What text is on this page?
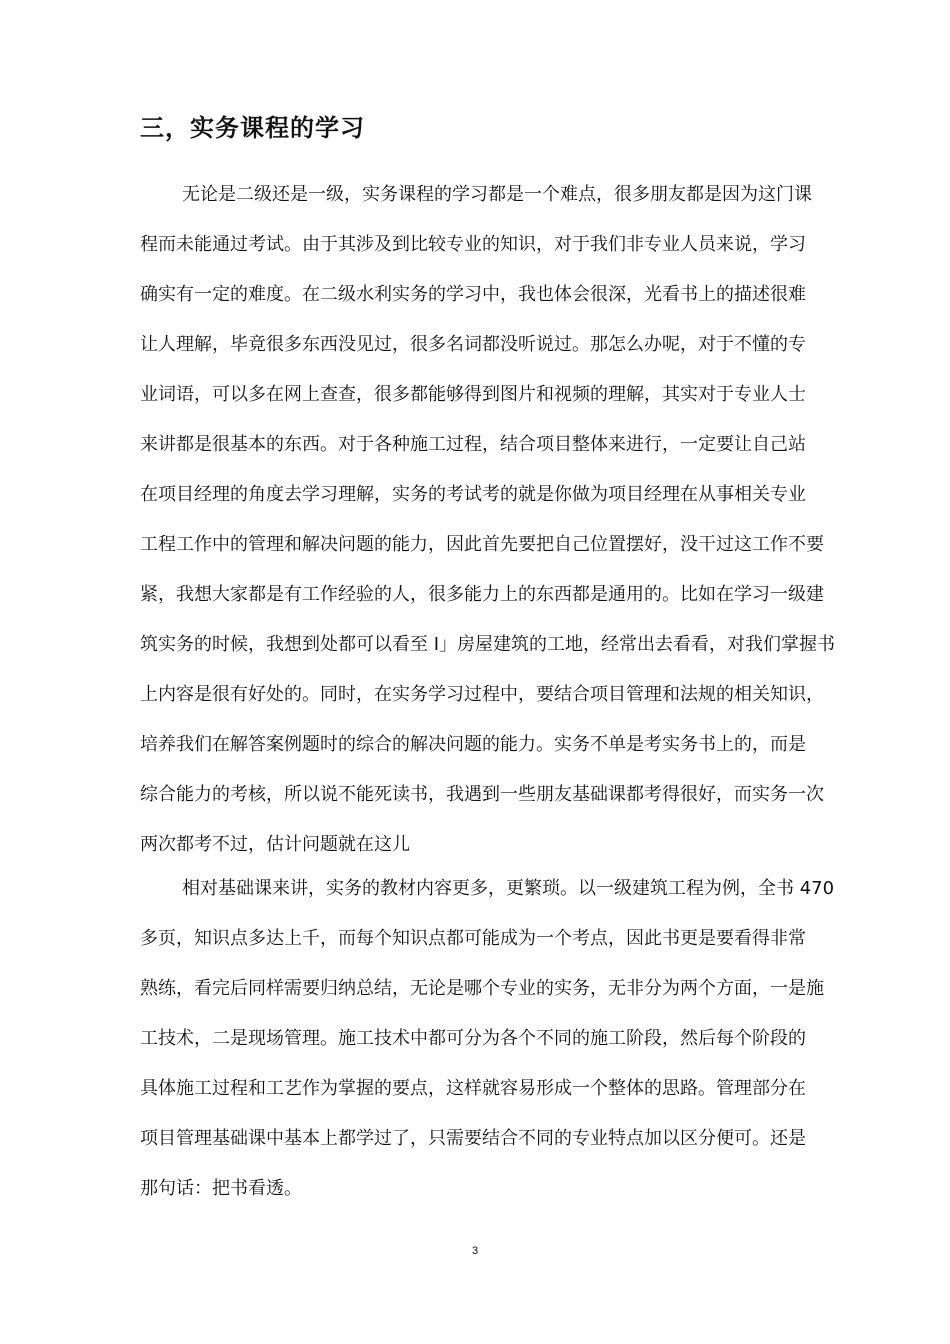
三，实务课程的学习
无论是二级还是一级，实务课程的学习都是一个难点，很多朋友都是因为这门课
程而未能通过考试。由于其涉及到比较专业的知识，对于我们非专业人员来说，学习
确实有一定的难度。在二级水利实务的学习中，我也体会很深，光看书上的描述很难
让人理解，毕竟很多东西没见过，很多名词都没听说过。那怎么办呢，对于不懂的专
业词语，可以多在网上查查，很多都能够得到图片和视频的理解，其实对于专业人士
来讲都是很基本的东西。对于各种施工过程，结合项目整体来进行，一定要让自己站
在项目经理的角度去学习理解，实务的考试考的就是你做为项目经理在从事相关专业
工程工作中的管理和解决问题的能力，因此首先要把自己位置摆好，没干过这工作不要
紧，我想大家都是有工作经验的人，很多能力上的东西都是通用的。比如在学习一级建
筑实务的时候，我想到处都可以看至 I」房屋建筑的工地，经常出去看看，对我们掌握书
上内容是很有好处的。同时，在实务学习过程中，要结合项目管理和法规的相关知识，
培养我们在解答案例题时的综合的解决问题的能力。实务不单是考实务书上的，而是
综合能力的考核，所以说不能死读书，我遇到一些朋友基础课都考得很好，而实务一次
两次都考不过，估计问题就在这儿
相对基础课来讲，实务的教材内容更多，更繁琐。以一级建筑工程为例，全书 470
多页，知识点多达上千，而每个知识点都可能成为一个考点，因此书更是要看得非常
熟练，看完后同样需要归纳总结，无论是哪个专业的实务，无非分为两个方面，一是施
工技术，二是现场管理。施工技术中都可分为各个不同的施工阶段，然后每个阶段的
具体施工过程和工艺作为掌握的要点，这样就容易形成一个整体的思路。管理部分在
项目管理基础课中基本上都学过了，只需要结合不同的专业特点加以区分便可。还是
那句话：把书看透。
3
